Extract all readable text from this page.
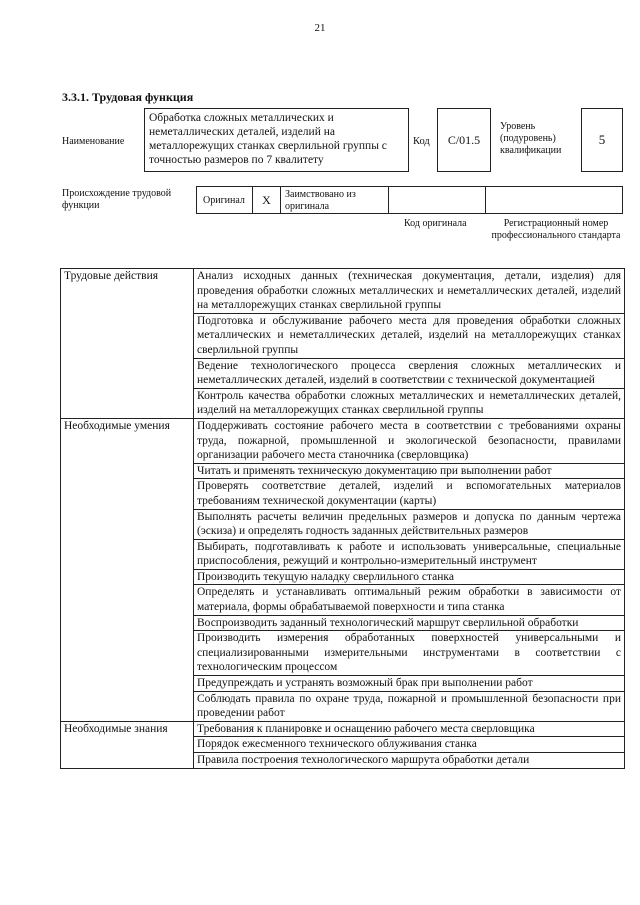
21
3.3.1. Трудовая функция
Наименование
Обработка сложных металлических и неметаллических деталей, изделий на металлорежущих станках сверлильной группы с точностью размеров по 7 квалитету
Код	C/01.5
Уровень (подуровень) квалификации
5
Происхождение трудовой функции	Оригинал	X	Заимствовано из оригинала
Код оригинала	Регистрационный номер профессионального стандарта
Трудовые действия	Анализ исходных данных (техническая документация, детали, изделия) для проведения обработки сложных металлических и неметаллических деталей, изделий на металлорежущих станках сверлильной группы
	Подготовка и обслуживание рабочего места для проведения обработки сложных металлических и неметаллических деталей, изделий на металлорежущих станках сверлильной группы
	Ведение технологического процесса сверления сложных металлических и неметаллических деталей, изделий в соответствии с технической документацией
	Контроль качества обработки сложных металлических и неметаллических деталей, изделий на металлорежущих станках сверлильной группы
Необходимые умения	Поддерживать состояние рабочего места в соответствии с требованиями охраны труда, пожарной, промышленной и экологической безопасности, правилами организации рабочего места станочника (сверловщика)
	Читать и применять техническую документацию при выполнении работ
	Проверять соответствие деталей, изделий и вспомогательных материалов требованиям технической документации (карты)
	Выполнять расчеты величин предельных размеров и допуска по данным чертежа (эскиза) и определять годность заданных действительных размеров
	Выбирать, подготавливать к работе и использовать универсальные, специальные приспособления, режущий и контрольно-измерительный инструмент
	Производить текущую наладку сверлильного станка
	Определять и устанавливать оптимальный режим обработки в зависимости от материала, формы обрабатываемой поверхности и типа станка
	Воспроизводить заданный технологический маршрут сверлильной обработки
	Производить измерения обработанных поверхностей универсальными и специализированными измерительными инструментами в соответствии с технологическим процессом
	Предупреждать и устранять возможный брак при выполнении работ
	Соблюдать правила по охране труда, пожарной и промышленной безопасности при проведении работ
Необходимые знания	Требования к планировке и оснащению рабочего места сверловщика
	Порядок ежесменного технического облуживания станка
	Правила построения технологического маршрута обработки детали
